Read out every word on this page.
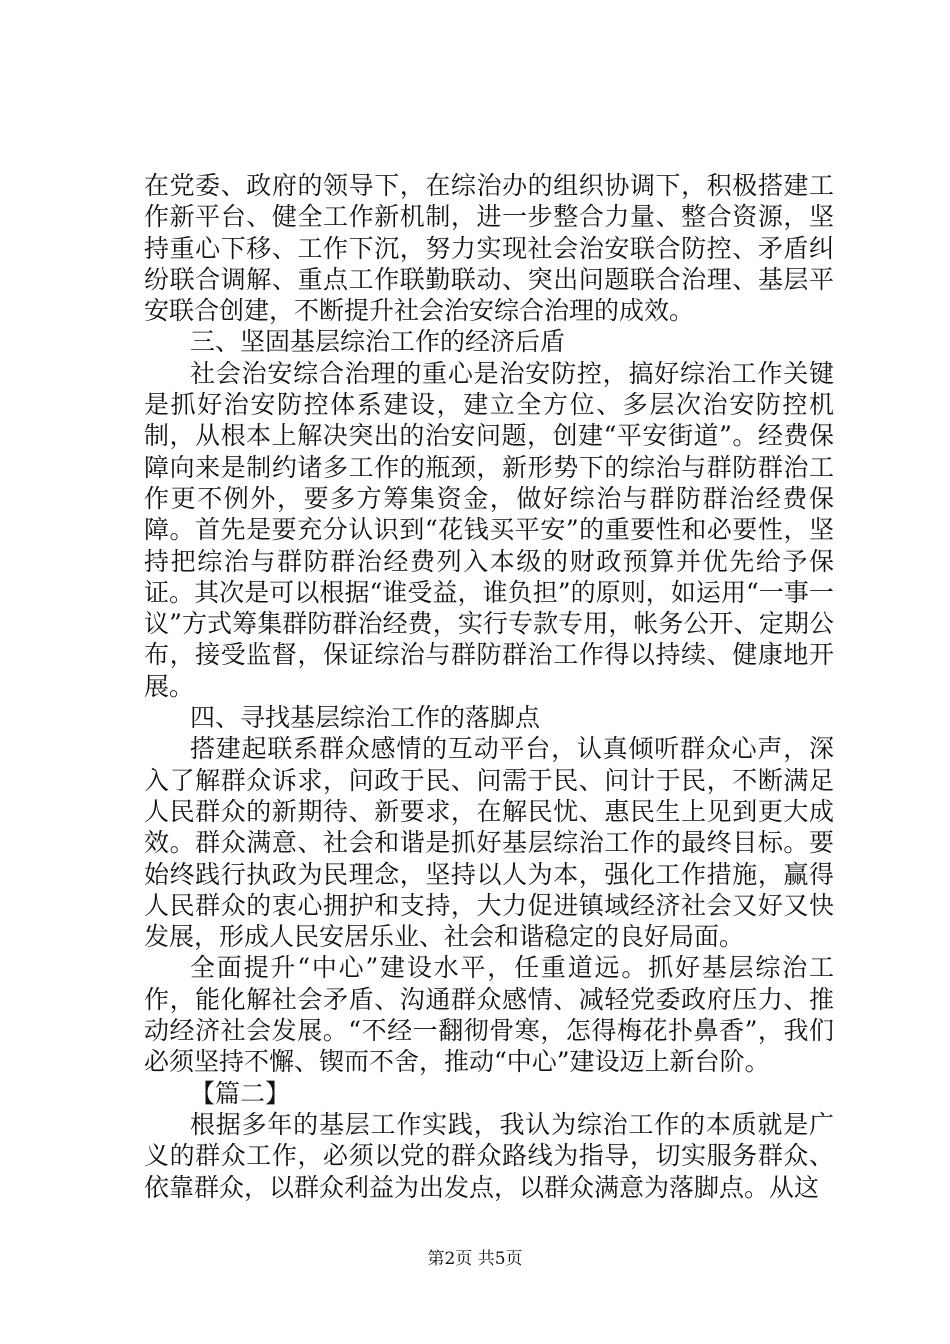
在党委、政府的领导下，在综治办的组织协调下，积极搭建工作新平台、健全工作新机制，进一步整合力量、整合资源，坚持重心下移、工作下沉，努力实现社会治安联合防控、矛盾纠纷联合调解、重点工作联勤联动、突出问题联合治理、基层平安联合创建，不断提升社会治安综合治理的成效。

三、坚固基层综治工作的经济后盾

社会治安综合治理的重心是治安防控，搞好综治工作关键是抓好治安防控体系建设，建立全方位、多层次治安防控机制，从根本上解决突出的治安问题，创建“平安街道”。经费保障向来是制约诸多工作的瓶颈，新形势下的综治与群防群治工作更不例外，要多方筹集资金，做好综治与群防群治经费保障。首先是要充分认识到“花钱买平安”的重要性和必要性，坚持把综治与群防群治经费列入本级的财政预算并优先给予保证。其次是可以根据“谁受益，谁负担”的原则，如运用“一事一议”方式筹集群防群治经费，实行专款专用，帐务公开、定期公布，接受监督，保证综治与群防群治工作得以持续、健康地开展。

四、寻找基层综治工作的落脚点

搭建起联系群众感情的互动平台，认真倾听群众心声，深入了解群众诉求，问政于民、问需于民、问计于民，不断满足人民群众的新期待、新要求，在解民忧、惠民生上见到更大成效。群众满意、社会和谐是抓好基层综治工作的最终目标。要始终践行执政为民理念，坚持以人为本，强化工作措施，赢得人民群众的衷心拥护和支持，大力促进镇域经济社会又好又快发展，形成人民安居乐业、社会和谐稳定的良好局面。

全面提升“中心”建设水平，任重道远。抓好基层综治工作，能化解社会矛盾、沟通群众感情、减轻党委政府压力、推动经济社会发展。“不经一翻彻骨寒，怎得梅花扑鼻香”，我们必须坚持不懈、锲而不舍，推动“中心”建设迈上新台阶。

【篇二】

根据多年的基层工作实践，我认为综治工作的本质就是广义的群众工作，必须以党的群众路线为指导，切实服务群众、依靠群众，以群众利益为出发点，以群众满意为落脚点。从这

第2页 共5页
